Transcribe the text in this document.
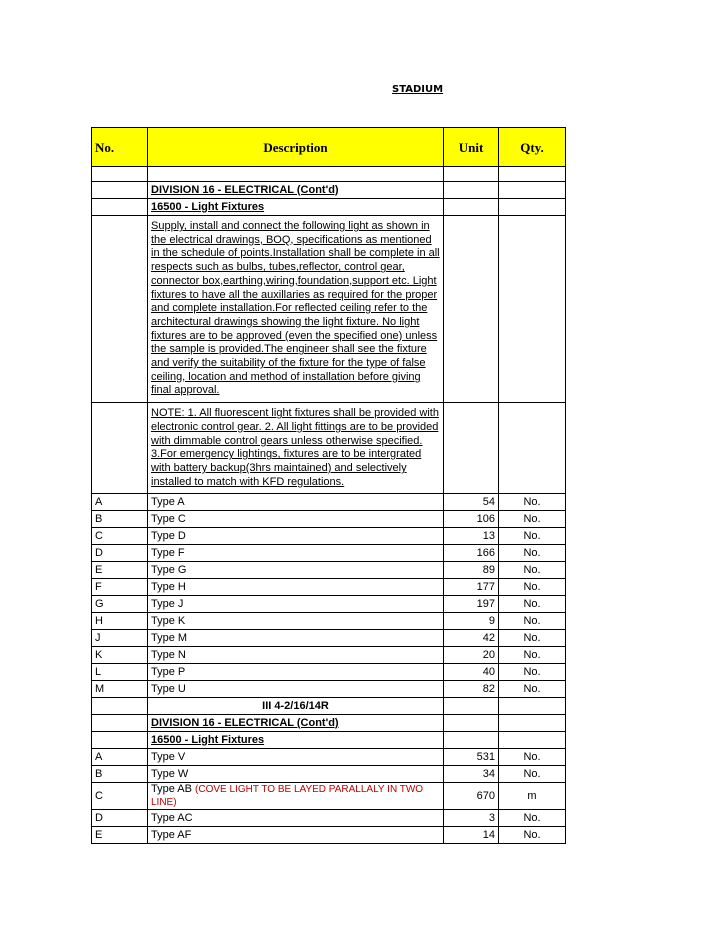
STADIUM
No.	Description	Unit	Qty.

	DIVISION 16 - ELECTRICAL (Cont'd)		
	16500 - Light Fixtures		

	Supply, install and connect the following light as shown in the electrical drawings, BOQ, specifications as mentioned in the schedule of points.Installation shall be complete in all respects such as bulbs, tubes,reflector, control gear, connector box,earthing,wiring,foundation,support etc. Light fixtures to have all the auxillaries as required for the proper and complete installation.For reflected ceiling refer to the architectural drawings showing the light fixture. No light fixtures are to be approved (even the specified one) unless the sample is provided.The engineer shall see the fixture and verify the suitability of the fixture for the type of false ceiling, location and method of installation before giving final approval.		

	NOTE: 1. All fluorescent light fixtures shall be provided with electronic control gear. 2. All light fittings are to be provided with dimmable control gears unless otherwise specified. 3.For emergency lightings, fixtures are to be intergrated with battery backup(3hrs maintained) and selectively installed to match with KFD regulations.		

A	Type A	54	No.
B	Type C	106	No.
C	Type D	13	No.
D	Type F	166	No.
E	Type G	89	No.
F	Type H	177	No.
G	Type J	197	No.
H	Type K	9	No.
J	Type M	42	No.
K	Type N	20	No.
L	Type P	40	No.
M	Type U	82	No.
	III 4-2/16/14R		
	DIVISION 16 - ELECTRICAL (Cont'd)		
	16500 - Light Fixtures		
A	Type V	531	No.
B	Type W	34	No.
C	Type AB (COVE LIGHT TO BE LAYED PARALLALY IN TWO LINE)	670	m
D	Type AC	3	No.
E	Type AF	14	No.
